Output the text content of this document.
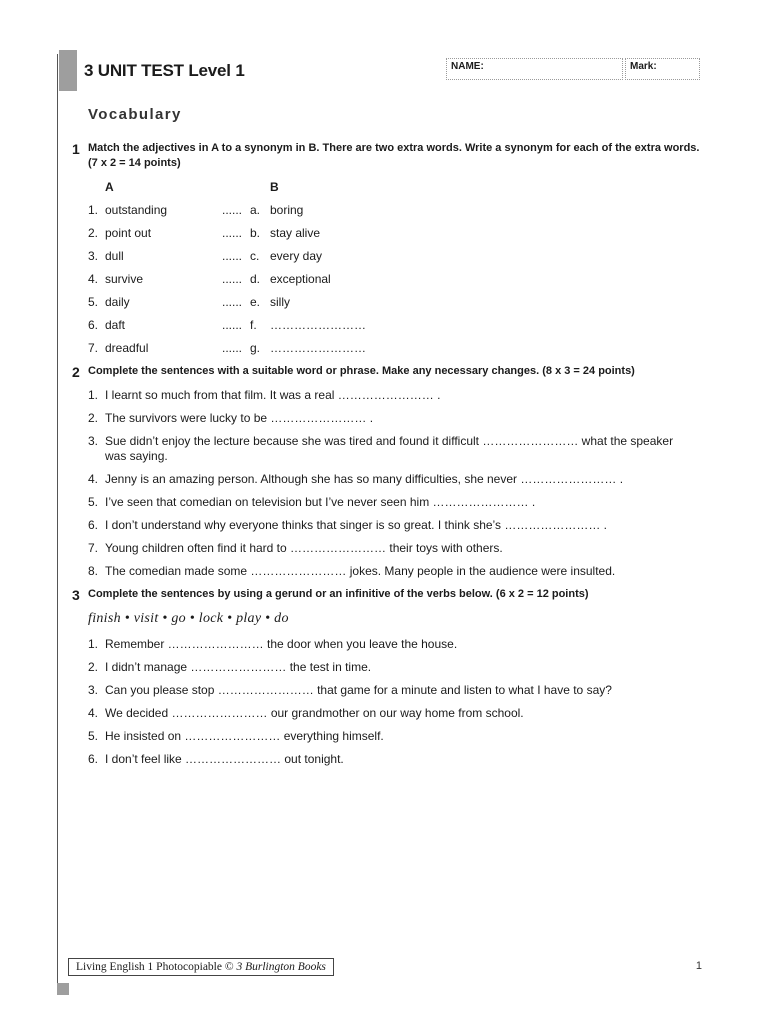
3 UNIT TEST Level 1	NAME:	Mark:
Vocabulary
1 Match the adjectives in A to a synonym in B. There are two extra words. Write a synonym for each of the extra words. (7 x 2 = 14 points)

A	B
1. outstanding	...... a. boring
2. point out	...... b. stay alive
3. dull	...... c. every day
4. survive	...... d. exceptional
5. daily	...... e. silly
6. daft	...... f.	……………………
7. dreadful	...... g. ……………………
2 Complete the sentences with a suitable word or phrase. Make any necessary changes. (8 x 3 = 24 points)

1. I learnt so much from that film. It was a real …………………… .
2. The survivors were lucky to be …………………… .
3. Sue didn’t enjoy the lecture because she was tired and found it difficult …………………… what the speaker was saying.
4. Jenny is an amazing person. Although she has so many difficulties, she never …………………… .
5. I’ve seen that comedian on television but I’ve never seen him …………………… .
6. I don’t understand why everyone thinks that singer is so great. I think she’s …………………… .
7. Young children often find it hard to …………………… their toys with others.
8. The comedian made some …………………… jokes. Many people in the audience were insulted.
3 Complete the sentences by using a gerund or an infinitive of the verbs below. (6 x 2 = 12 points)

finish • visit • go • lock • play • do
1. Remember …………………… the door when you leave the house.
2. I didn’t manage …………………… the test in time.
3. Can you please stop …………………… that game for a minute and listen to what I have to say?
4. We decided …………………… our grandmother on our way home from school.
5. He insisted on …………………… everything himself.
6. I don’t feel like …………………… out tonight.
Living English 1 Photocopiable © 3 Burlington Books	1
